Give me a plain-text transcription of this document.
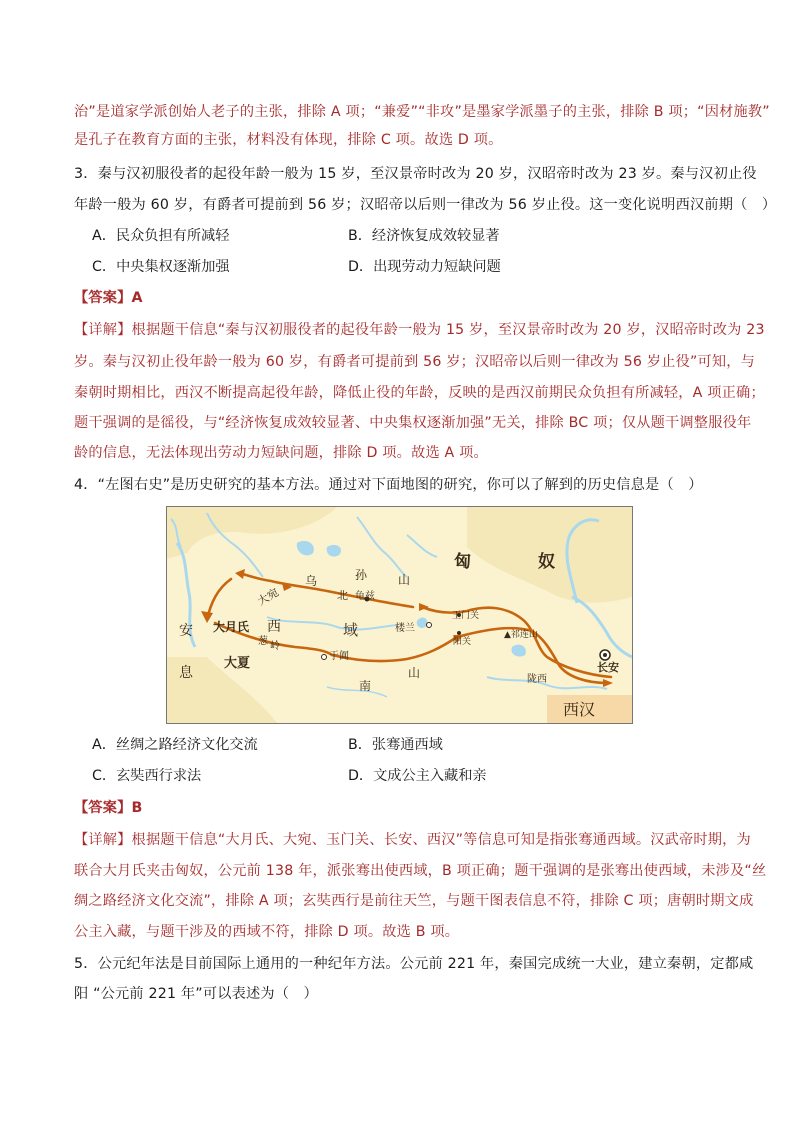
治”是道家学派创始人老子的主张，排除 A 项；“兼爱”“非攻”是墨家学派墨子的主张，排除 B 项；“因材施教”
是孔子在教育方面的主张，材料没有体现，排除 C 项。故选 D 项。
3．秦与汉初服役者的起役年龄一般为 15 岁，至汉景帝时改为 20 岁，汉昭帝时改为 23 岁。秦与汉初止役
年龄一般为 60 岁，有爵者可提前到 56 岁；汉昭帝以后则一律改为 56 岁止役。这一变化说明西汉前期（　）
A．民众负担有所减轻	B．经济恢复成效较显著
C．中央集权逐渐加强	D．出现劳动力短缺问题
【答案】A
【详解】根据题干信息“秦与汉初服役者的起役年龄一般为 15 岁，至汉景帝时改为 20 岁，汉昭帝时改为 23
岁。秦与汉初止役年龄一般为 60 岁，有爵者可提前到 56 岁；汉昭帝以后则一律改为 56 岁止役”可知，与
秦朝时期相比，西汉不断提高起役年龄，降低止役的年龄，反映的是西汉前期民众负担有所减轻，A 项正确；
题干强调的是徭役，与“经济恢复成效较显著、中央集权逐渐加强”无关，排除 BC 项；仅从题干调整服役年
龄的信息，无法体现出劳动力短缺问题，排除 D 项。故选 A 项。
4．“左图右史”是历史研究的基本方法。通过对下面地图的研究，你可以了解到的历史信息是（　）
匈	奴
乌	孙	山
北 龟兹
大宛
大月氏 西	域
安
息
葱 岭
大夏	于阗
楼兰
南
山
玉门关
阳关
▲祁连山
陇西
长安
西汉
A．丝绸之路经济文化交流	B．张骞通西域
C．玄奘西行求法	D．文成公主入藏和亲
【答案】B
【详解】根据题干信息“大月氏、大宛、玉门关、长安、西汉”等信息可知是指张骞通西域。汉武帝时期，为
联合大月氏夹击匈奴，公元前 138 年，派张骞出使西域，B 项正确；题干强调的是张骞出使西域，未涉及“丝
绸之路经济文化交流”，排除 A 项；玄奘西行是前往天竺，与题干图表信息不符，排除 C 项；唐朝时期文成
公主入藏，与题干涉及的西域不符，排除 D 项。故选 B 项。
5．公元纪年法是目前国际上通用的一种纪年方法。公元前 221 年，秦国完成统一大业，建立秦朝，定都咸
阳 “公元前 221 年”可以表述为（　）
